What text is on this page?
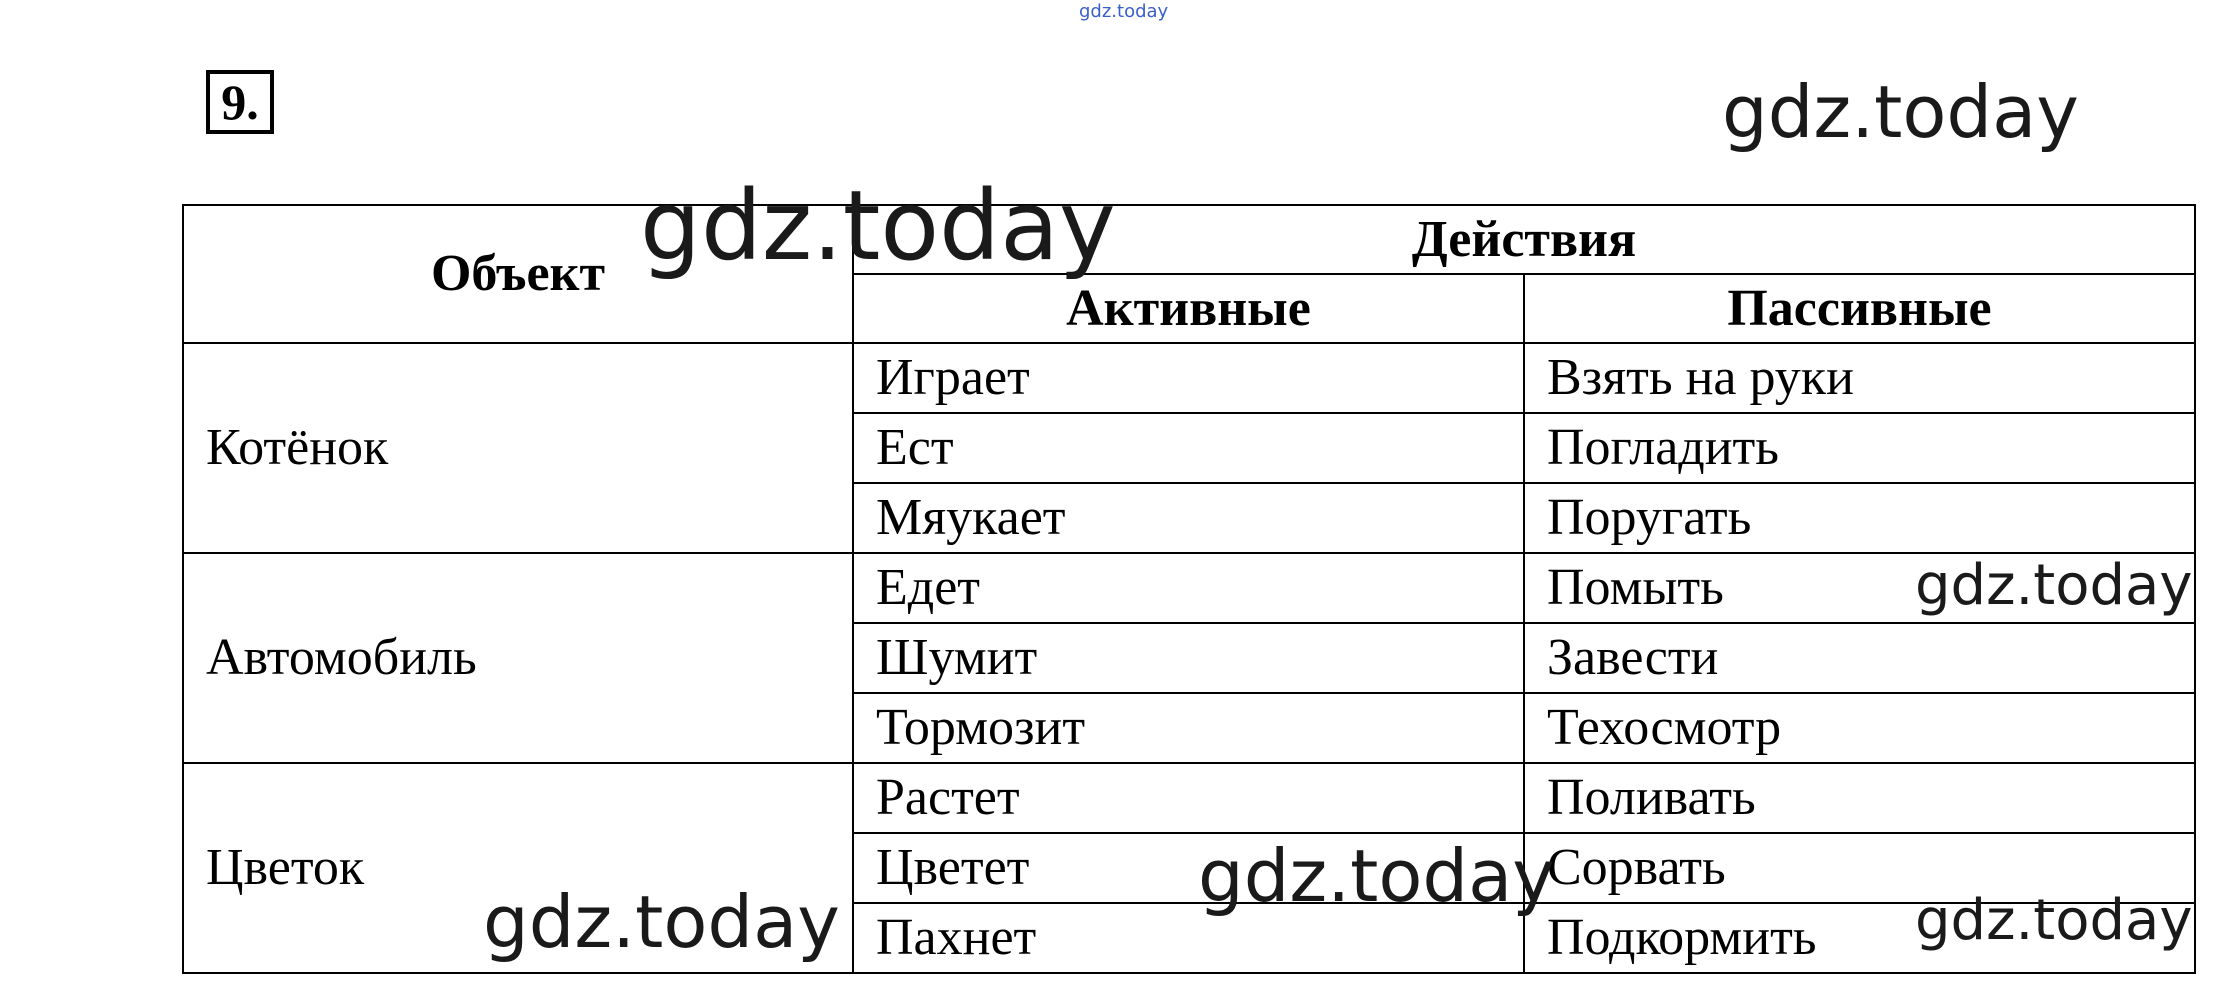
gdz.today
9.	gdz.today
Объект	Действия	
	Активные	Пассивные
Котёнок	Играет	Взять на руки
	Ест	Погладить
	Мяукает	Поругать
Автомобиль	Едет	Помыть
	Шумит	Завести
	Тормозит	Техосмотр
Цветок	Растет	Поливать
	Цветет	Сорвать
	Пахнет	Подкормить
gdz.today
gdz.today
gdz.today
gdz.today	gdz.today
